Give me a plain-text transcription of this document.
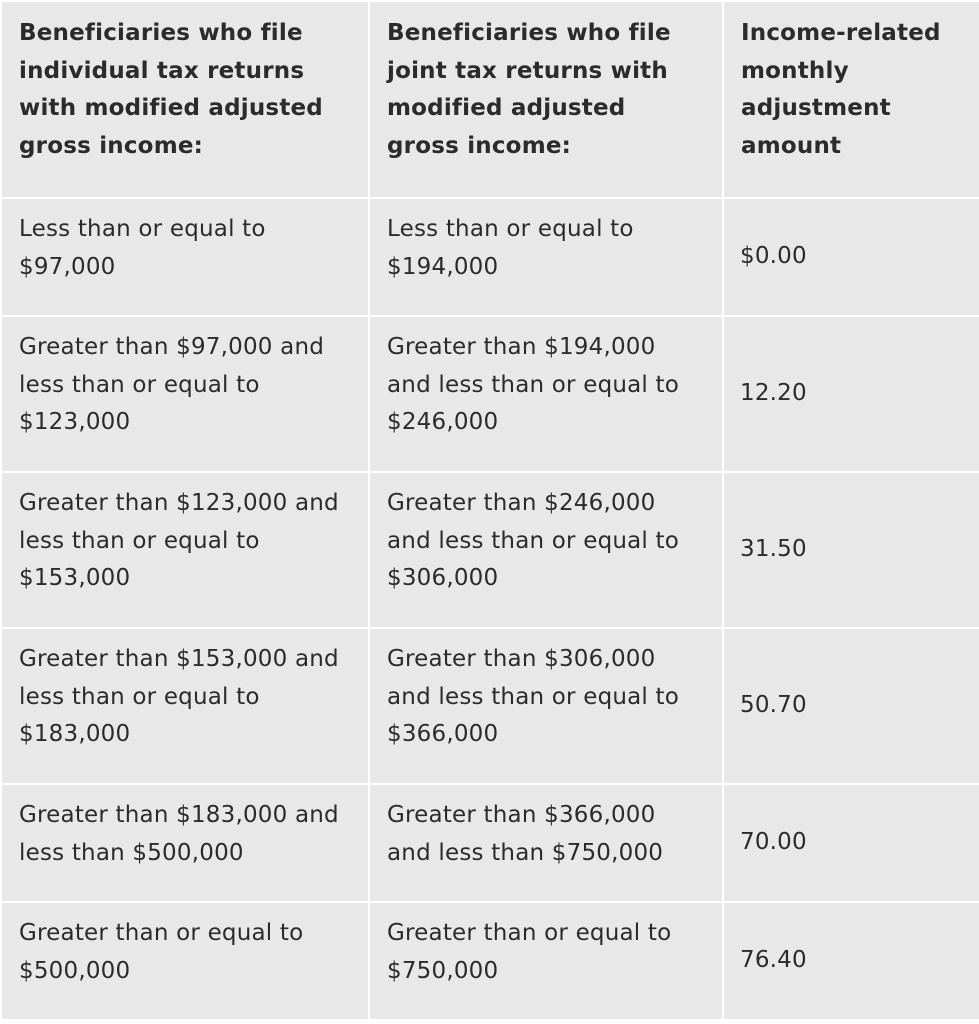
Beneficiaries who file individual tax returns with modified adjusted gross income:	Beneficiaries who file joint tax returns with modified adjusted gross income:	Income-related monthly adjustment amount
Less than or equal to $97,000	Less than or equal to $194,000	$0.00
Greater than $97,000 and less than or equal to $123,000	Greater than $194,000 and less than or equal to $246,000	12.20
Greater than $123,000 and less than or equal to $153,000	Greater than $246,000 and less than or equal to $306,000	31.50
Greater than $153,000 and less than or equal to $183,000	Greater than $306,000 and less than or equal to $366,000	50.70
Greater than $183,000 and less than $500,000	Greater than $366,000 and less than $750,000	70.00
Greater than or equal to $500,000	Greater than or equal to $750,000	76.40
